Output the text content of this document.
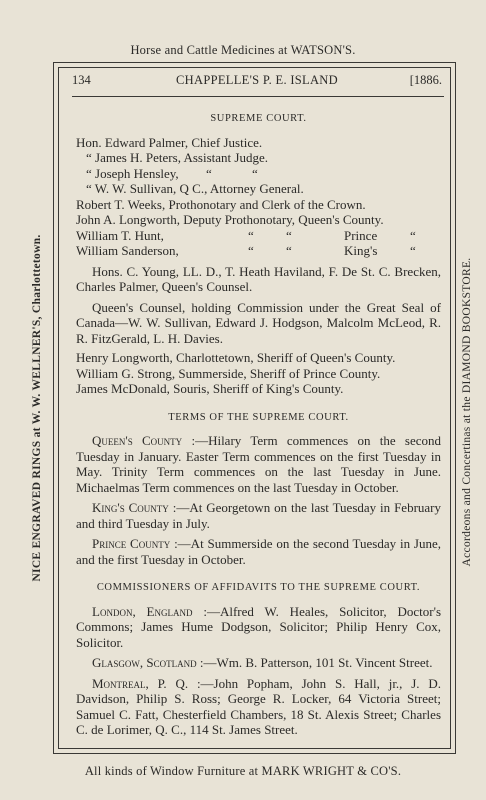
Horse and Cattle Medicines at WATSON'S.
NICE ENGRAVED RINGS at W. W. WELLNER'S, Charlottetown.	Accordeons and Concertinas at the DIAMOND BOOKSTORE.
134	CHAPPELLE'S P. E. ISLAND	[1886.
SUPREME COURT.
Hon. Edward Palmer, Chief Justice.
“ James H. Peters, Assistant Judge.
“ Joseph Hensley, “	“
“ W. W. Sullivan, Q C., Attorney General.
Robert T. Weeks, Prothonotary and Clerk of the Crown.
John A. Longworth, Deputy Prothonotary, Queen's County.
William T. Hunt,	“ “	Prince	“
William Sanderson,	“ “	King's	“
Hons. C. Young, LL. D., T. Heath Haviland, F. De St. C. Brecken, Charles Palmer, Queen's Counsel.
Queen's Counsel, holding Commission under the Great Seal of Canada—W. W. Sullivan, Edward J. Hodgson, Malcolm McLeod, R. R. FitzGerald, L. H. Davies.
Henry Longworth, Charlottetown, Sheriff of Queen's County.
William G. Strong, Summerside, Sheriff of Prince County.
James McDonald, Souris, Sheriff of King's County.
TERMS OF THE SUPREME COURT.
Queen's County :—Hilary Term commences on the second Tuesday in January. Easter Term commences on the first Tuesday in May. Trinity Term commences on the last Tuesday in June. Michaelmas Term commences on the last Tuesday in October.
King's County :—At Georgetown on the last Tuesday in February and third Tuesday in July.
Prince County :—At Summerside on the second Tuesday in June, and the first Tuesday in October.
COMMISSIONERS OF AFFIDAVITS TO THE SUPREME COURT.
London, England :—Alfred W. Heales, Solicitor, Doctor's Commons; James Hume Dodgson, Solicitor; Philip Henry Cox, Solicitor.
Glasgow, Scotland :—Wm. B. Patterson, 101 St. Vincent Street.
Montreal, P. Q. :—John Popham, John S. Hall, jr., J. D. Davidson, Philip S. Ross; George R. Locker, 64 Victoria Street; Samuel C. Fatt, Chesterfield Chambers, 18 St. Alexis Street; Charles C. de Lorimer, Q. C., 114 St. James Street.
All kinds of Window Furniture at MARK WRIGHT & CO'S.
